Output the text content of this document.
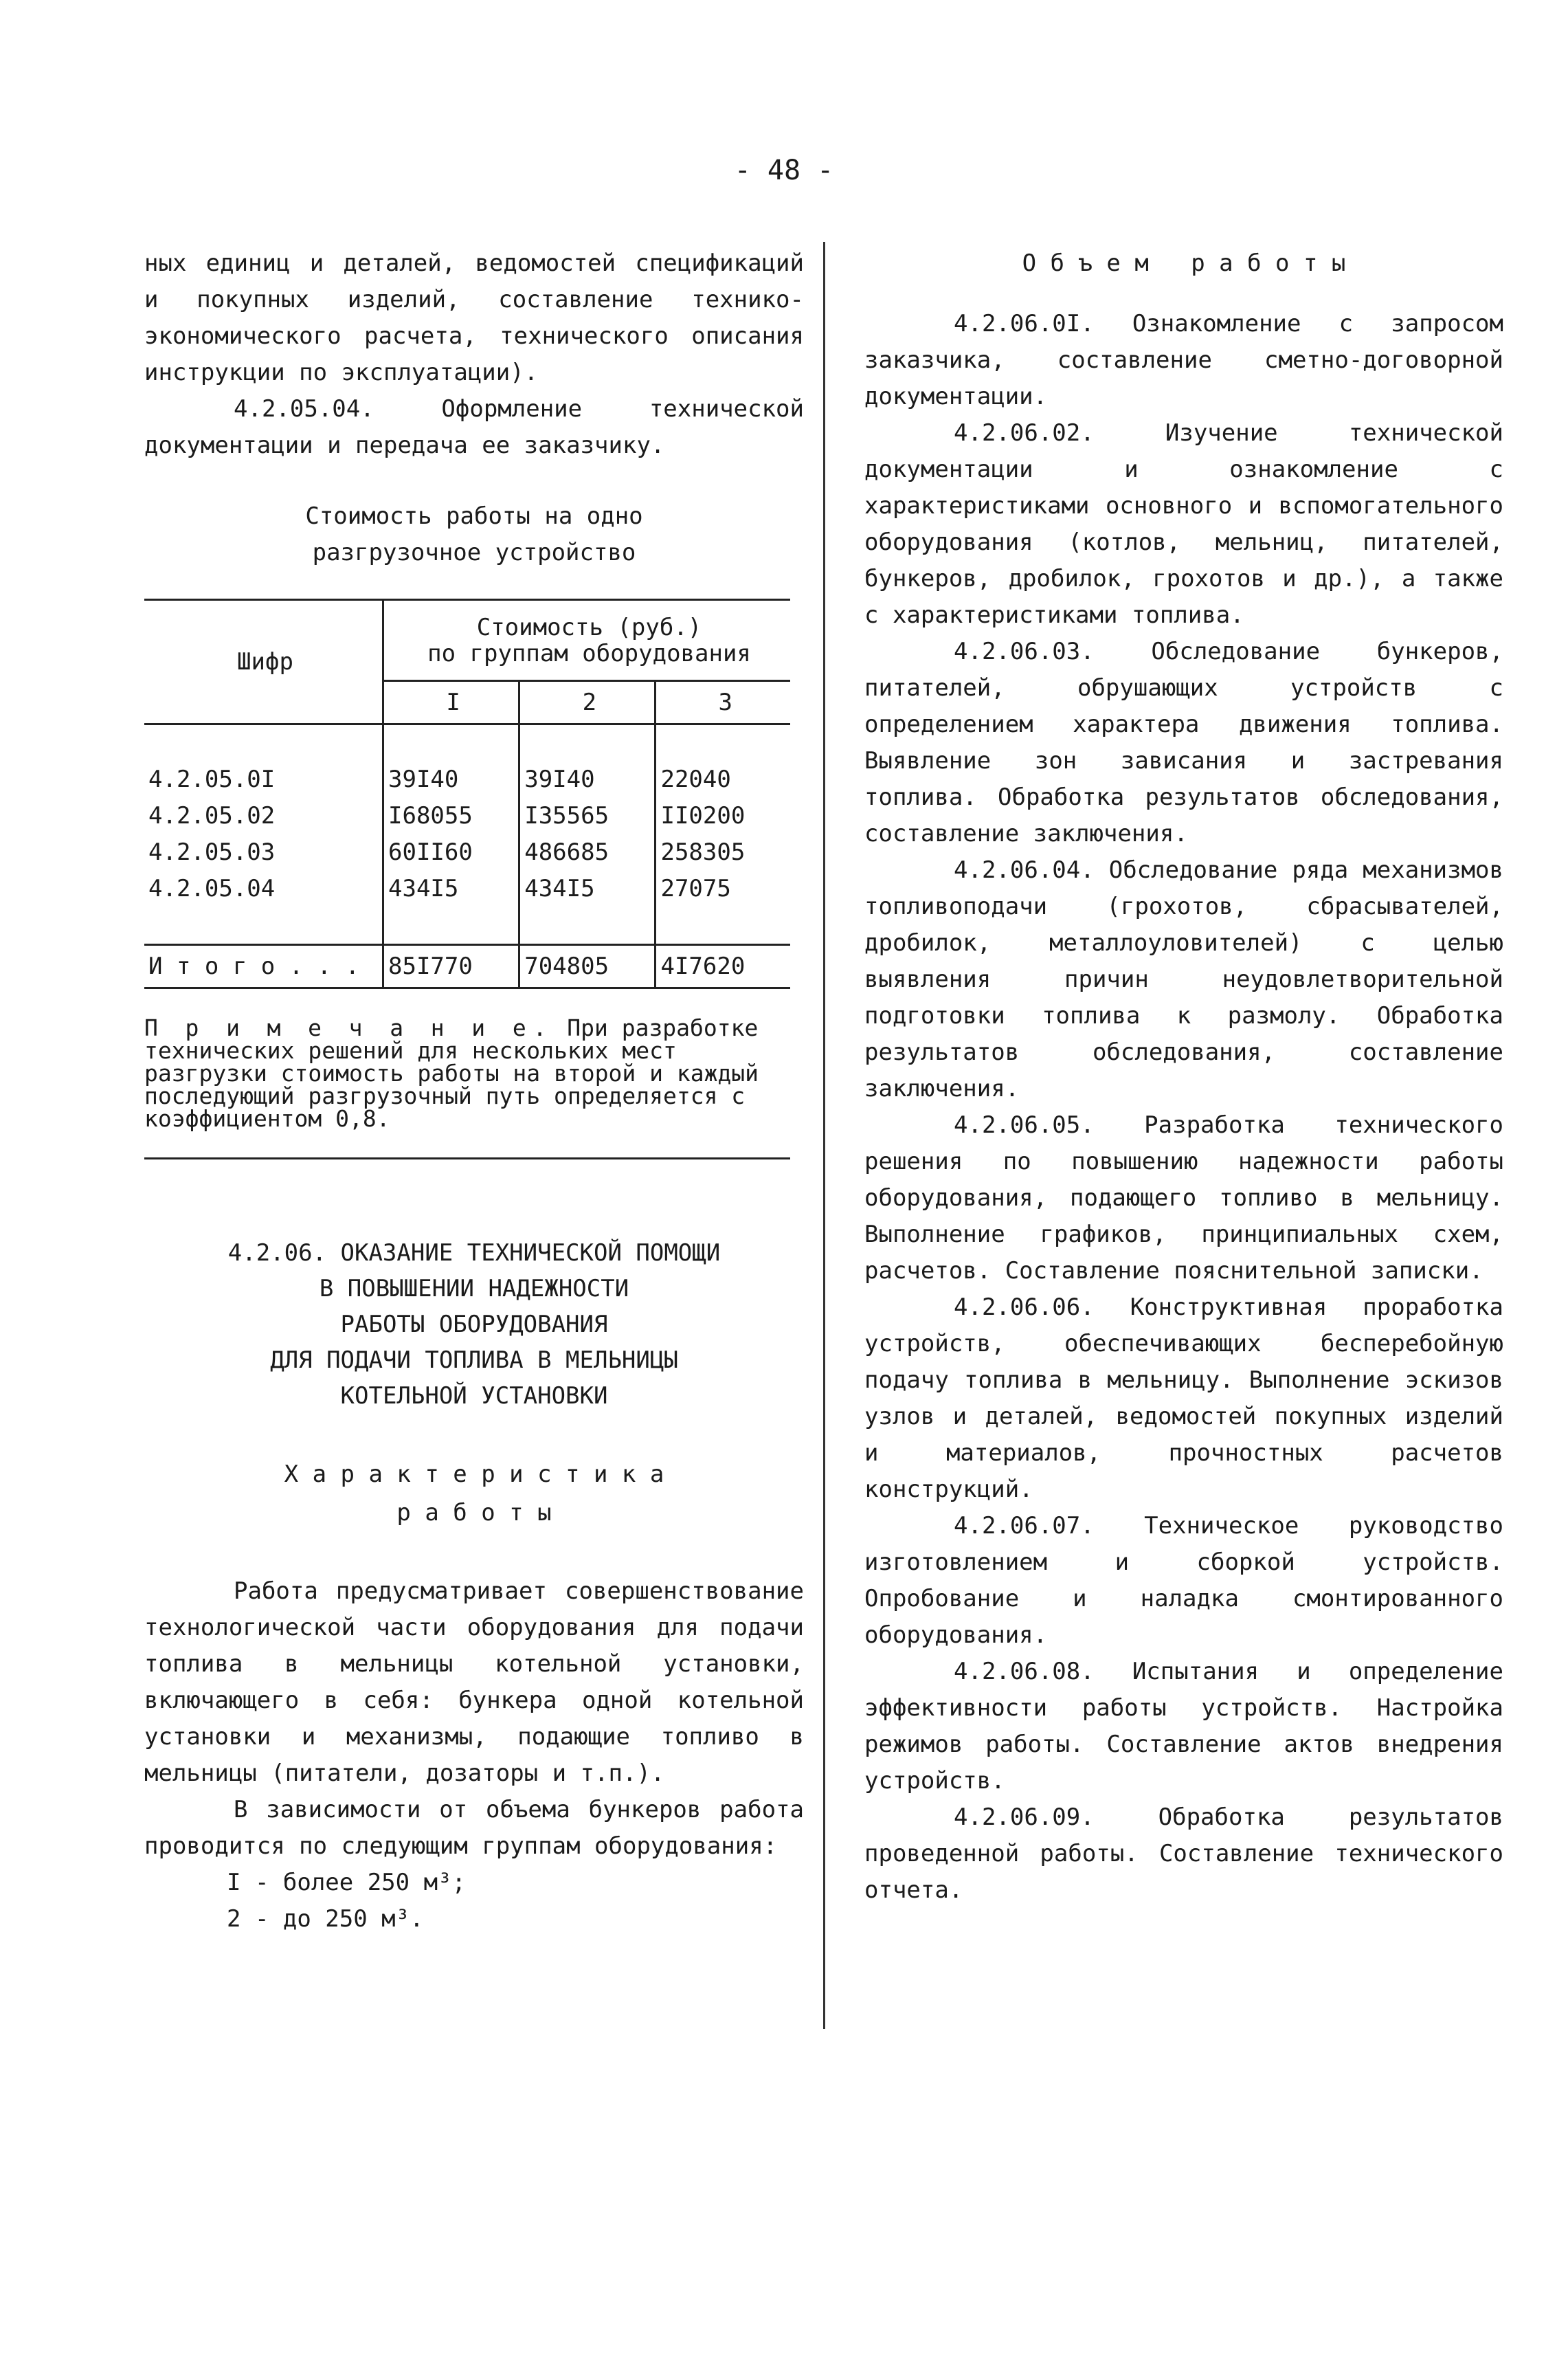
- 48 -

ных единиц и деталей, ведомостей спецификаций и покупных изделий, составление технико-экономического расчета, технического описания инструкции по эксплуатации).

4.2.05.04. Оформление технической документации и передача ее заказчику.

Стоимость работы на одно
разгрузочное устройство
Шифр	Стоимость (руб.)
по группам оборудования		

	I	2	3

4.2.05.0I	39I40	39I40	22040
4.2.05.02	I68055	I35565	II0200
4.2.05.03	60II60	486685	258305
4.2.05.04	434I5	434I5	27075

И т о г о . . .	85I770	704805	4I7620
П р и м е ч а н и е. При разработке технических решений для нескольких мест разгрузки стоимость работы на второй и каждый последующий разгрузочный путь определяется с коэффициентом 0,8.
4.2.06. ОКАЗАНИЕ ТЕХНИЧЕСКОЙ ПОМОЩИ
В ПОВЫШЕНИИ НАДЕЖНОСТИ
РАБОТЫ ОБОРУДОВАНИЯ
ДЛЯ ПОДАЧИ ТОПЛИВА В МЕЛЬНИЦЫ
КОТЕЛЬНОЙ УСТАНОВКИ
Х а р а к т е р и с т и к а
р а б о т ы

Работа предусматривает совершенствование технологической части оборудования для подачи топлива в мельницы котельной установки, включающего в себя: бункера одной котельной установки и механизмы, подающие топливо в мельницы (питатели, дозаторы и т.п.).

В зависимости от объема бункеров работа проводится по следующим группам оборудования:

I - более 250 м³;
2 - до 250 м³.
О б ъ е м   р а б о т ы

4.2.06.0I. Ознакомление с запросом заказчика, составление сметно-договорной документации.

4.2.06.02. Изучение технической документации и ознакомление с характеристиками основного и вспомогательного оборудования (котлов, мельниц, питателей, бункеров, дробилок, грохотов и др.), а также с характеристиками топлива.

4.2.06.03. Обследование бункеров, питателей, обрушающих устройств с определением характера движения топлива. Выявление зон зависания и застревания топлива. Обработка результатов обследования, составление заключения.

4.2.06.04. Обследование ряда механизмов топливоподачи (грохотов, сбрасывателей, дробилок, металлоуловителей) с целью выявления причин неудовлетворительной подготовки топлива к размолу. Обработка результатов обследования, составление заключения.

4.2.06.05. Разработка технического решения по повышению надежности работы оборудования, подающего топливо в мельницу. Выполнение графиков, принципиальных схем, расчетов. Составление пояснительной записки.

4.2.06.06. Конструктивная проработка устройств, обеспечивающих бесперебойную подачу топлива в мельницу. Выполнение эскизов узлов и деталей, ведомостей покупных изделий и материалов, прочностных расчетов конструкций.

4.2.06.07. Техническое руководство изготовлением и сборкой устройств. Опробование и наладка смонтированного оборудования.

4.2.06.08. Испытания и определение эффективности работы устройств. Настройка режимов работы. Составление актов внедрения устройств.

4.2.06.09. Обработка результатов проведенной работы. Составление технического отчета.
